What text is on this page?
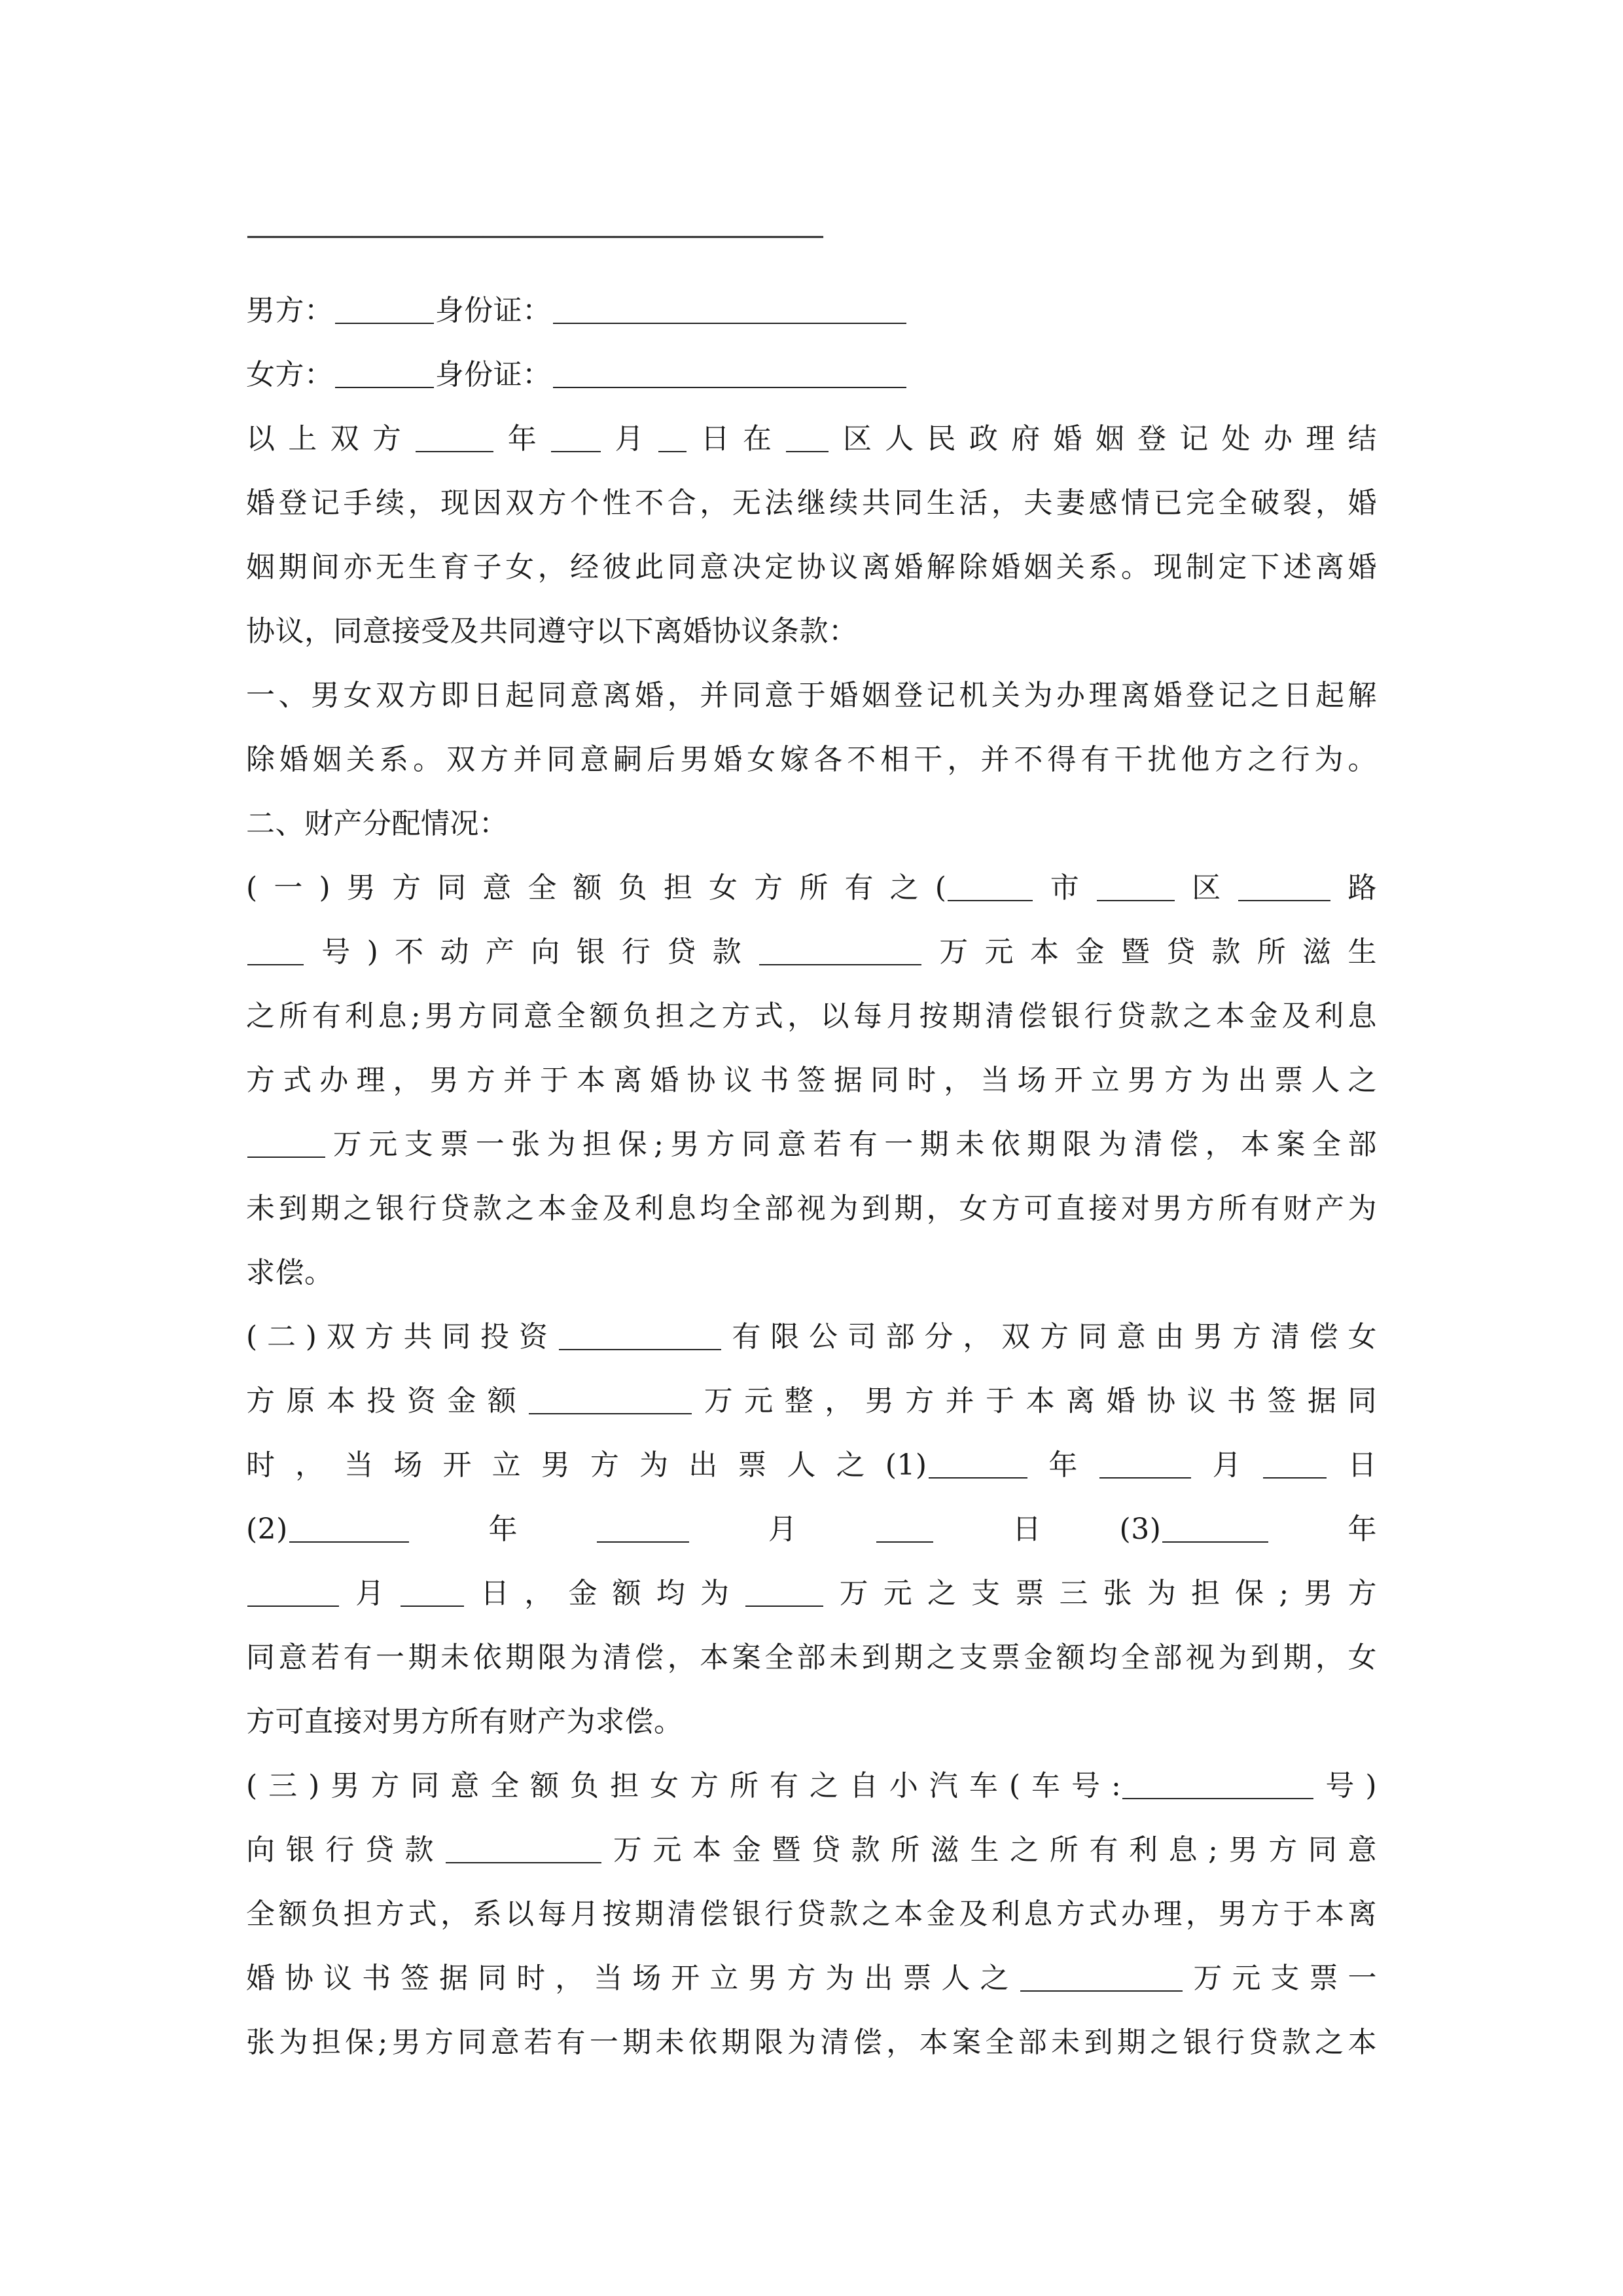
——————————————————————
男方：	身份证：
女方：	身份证：
以上双方	年 月 日在 区人民政府婚姻登记处办理结
婚登记手续，现因双方个性不合，无法继续共同生活，夫妻感情已完全破裂，婚
姻期间亦无生育子女，经彼此同意决定协议离婚解除婚姻关系。现制定下述离婚
协议，同意接受及共同遵守以下离婚协议条款：
一、男女双方即日起同意离婚，并同意于婚姻登记机关为办理离婚登记之日起解
除婚姻关系。双方并同意嗣后男婚女嫁各不相干，并不得有干扰他方之行为。
二、财产分配情况：
(一)男方同意全额负担女方所有之(	市	区	路
号)不动产向银行贷款	万元本金暨贷款所滋生
之所有利息;男方同意全额负担之方式，以每月按期清偿银行贷款之本金及利息
方式办理，男方并于本离婚协议书签据同时，当场开立男方为出票人之
万元支票一张为担保;男方同意若有一期未依期限为清偿，本案全部
未到期之银行贷款之本金及利息均全部视为到期，女方可直接对男方所有财产为
求偿。
(二)双方共同投资	有限公司部分，双方同意由男方清偿女
方原本投资金额	万元整，男方并于本离婚协议书签据同
时，当场开立男方为出票人之(1)	年	月 日
(2)	年	月 日(3)	年
月 日，金额均为	万元之支票三张为担保;男方
同意若有一期未依期限为清偿，本案全部未到期之支票金额均全部视为到期，女
方可直接对男方所有财产为求偿。
(三)男方同意全额负担女方所有之自小汽车(车号:	号)
向银行贷款	万元本金暨贷款所滋生之所有利息;男方同意
全额负担方式，系以每月按期清偿银行贷款之本金及利息方式办理，男方于本离
婚协议书签据同时，当场开立男方为出票人之	万元支票一
张为担保;男方同意若有一期未依期限为清偿，本案全部未到期之银行贷款之本
